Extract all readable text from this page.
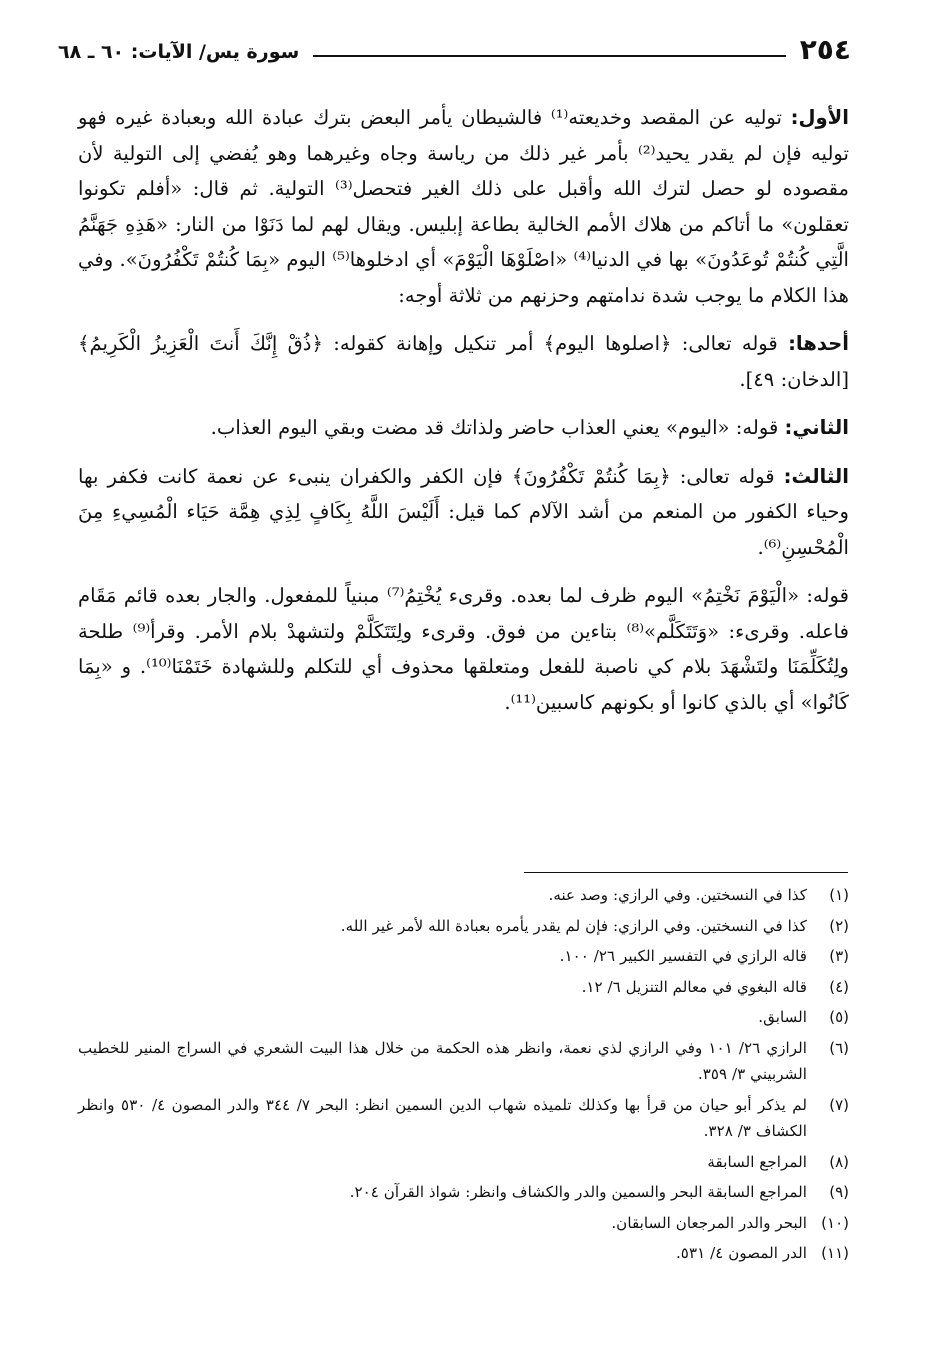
٢٥٤
سورة يس/ الآيات: ٦٠ ـ ٦٨

الأول: توليه عن المقصد وخديعته⁽¹⁾ فالشيطان يأمر البعض بترك عبادة الله وبعبادة غيره فهو توليه فإن لم يقدر يحيد⁽²⁾ بأمر غير ذلك من رياسة وجاه وغيرهما وهو يُفضي إلى التولية لأن مقصوده لو حصل لترك الله وأقبل على ذلك الغير فتحصل⁽³⁾ التولية. ثم قال: «أفلم تكونوا تعقلون» ما أتاكم من هلاك الأمم الخالية بطاعة إبليس. ويقال لهم لما دَنَوْا من النار: «هَذِهِ جَهَنَّمُ الَّتِي كُنتُمْ تُوعَدُونَ» بها في الدنيا⁽⁴⁾ «اصْلَوْهَا الْيَوْمَ» أي ادخلوها⁽⁵⁾ اليوم «بِمَا كُنتُمْ تَكْفُرُونَ». وفي هذا الكلام ما يوجب شدة ندامتهم وحزنهم من ثلاثة أوجه:

أحدها: قوله تعالى: ﴿اصلوها اليوم﴾ أمر تنكيل وإهانة كقوله: ﴿ذُقْ إِنَّكَ أَنتَ الْعَزِيزُ الْكَرِيمُ﴾ [الدخان: ٤٩].

الثاني: قوله: «اليوم» يعني العذاب حاضر ولذاتك قد مضت وبقي اليوم العذاب.

الثالث: قوله تعالى: ﴿بِمَا كُنتُمْ تَكْفُرُونَ﴾ فإن الكفر والكفران ينبىء عن نعمة كانت فكفر بها وحياء الكفور من المنعم من أشد الآلام كما قيل: أَلَيْسَ اللَّهُ بِكَافٍ لِذِي هِمَّة حَيَاء الْمُسِيءِ مِنَ الْمُحْسِنِ⁽⁶⁾.

قوله: «الْيَوْمَ نَخْتِمُ» اليوم ظرف لما بعده. وقرىء يُخْتِمُ⁽⁷⁾ مبنياً للمفعول. والجار بعده قائم مَقَام فاعله. وقرىء: «وَتَتَكَلَّم»⁽⁸⁾ بتاءين من فوق. وقرىء ولِتَتَكَلَّمْ ولتشهدْ بلام الأمر. وقرأ⁽⁹⁾ طلحة ولِتُكَلِّمَنَا ولتَشْهَدَ بلام كي ناصبة للفعل ومتعلقها محذوف أي للتكلم وللشهادة خَتَمْنَا⁽¹⁰⁾. و «بِمَا كَانُوا» أي بالذي كانوا أو بكونهم كاسبين⁽¹¹⁾.

(١)
كذا في النسختين. وفي الرازي: وصد عنه.
(٢)
كذا في النسختين. وفي الرازي: فإن لم يقدر يأمره بعبادة الله لأمر غير الله.
(٣)
قاله الرازي في التفسير الكبير ٢٦/ ١٠٠.
(٤)
قاله البغوي في معالم التنزيل ٦/ ١٢.
(٥)
السابق.
(٦)
الرازي ٢٦/ ١٠١ وفي الرازي لذي نعمة، وانظر هذه الحكمة من خلال هذا البيت الشعري في السراج المنير للخطيب الشربيني ٣/ ٣٥٩.
(٧)
لم يذكر أبو حيان من قرأ بها وكذلك تلميذه شهاب الدين السمين انظر: البحر ٧/ ٣٤٤ والدر المصون ٤/ ٥٣٠ وانظر الكشاف ٣/ ٣٢٨.
(٨)
المراجع السابقة
(٩)
المراجع السابقة البحر والسمين والدر والكشاف وانظر: شواذ القرآن ٢٠٤.
(١٠)
البحر والدر المرجعان السابقان.
(١١)
الدر المصون ٤/ ٥٣١.
